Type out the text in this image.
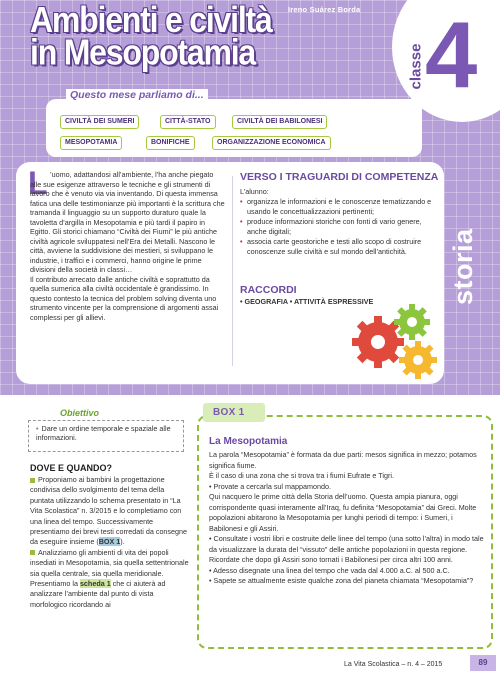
Ireno Suárez Borda
Ambienti e civiltà
in Mesopotamia	classe 4
storia
Questo mese parliamo di...
CIVILTÀ DEI SUMERI	CITTÀ-STATO	CIVILTÀ DEI BABILONESI
MESOPOTAMIA	BONIFICHE	ORGANIZZAZIONE ECONOMICA
L ’uomo, adattandosi all’ambiente, l’ha anche piegato alle sue esigenze attraverso le tecniche e gli strumenti di lavoro che è venuto via via inventando. Di questa immensa fatica una delle testimonianze più importanti è la scrittura che tramanda il linguaggio su un supporto duraturo quale la tavoletta d’argilla in Mesopotamia e più tardi il papiro in Egitto. Gli storici chiamano “Civiltà dei Fiumi” le più antiche civiltà agricole sviluppatesi nell’Era dei Metalli. Nascono le città, avviene la suddivisione dei mestieri, si sviluppano le industrie, i traffici e i commerci, hanno origine le prime divisioni della società in classi…

Il contributo arrecato dalle antiche civiltà e soprattutto da quella sumerica alla civiltà occidentale è grandissimo. In questo contesto la tecnica del problem solving diventa uno strumento vincente per la comprensione di argomenti assai complessi per gli allievi.

VERSO I TRAGUARDI DI COMPETENZA
L’alunno:
• organizza le informazioni e le conoscenze tematizzando e usando le concettualizzazioni pertinenti;
• produce informazioni storiche con fonti di vario genere, anche digitali;
• associa carte geostoriche e testi allo scopo di costruire conoscenze sulle civiltà e sul mondo dell’antichità.
RACCORDI
• GEOGRAFIA • ATTIVITÀ ESPRESSIVE
Obiettivo
• Dare un ordine temporale e spaziale alle informazioni.
DOVE E QUANDO?

Proponiamo ai bambini la progettazione condivisa dello svolgimento del tema della puntata utilizzando lo schema presentato in “La Vita Scolastica” n. 3/2015 e lo completiamo con una linea del tempo. Successivamente presentiamo dei brevi testi corredati da consegne da eseguire insieme (BOX 1).

Analizziamo gli ambienti di vita dei popoli insediati in Mesopotamia, sia quella settentrionale sia quella centrale, sia quella meridionale. Presentiamo la scheda 1 che ci aiuterà ad analizzare l’ambiente dal punto di vista morfologico ricordando ai

BOX 1
La Mesopotamia

La parola “Mesopotamia” è formata da due parti: mesos significa in mezzo; potamos significa fiume.

È il caso di una zona che si trova tra i fiumi Eufrate e Tigri.

• Provate a cercarla sul mappamondo.

Qui nacquero le prime città della Storia dell’uomo. Questa ampia pianura, oggi corrispondente quasi interamente all’Iraq, fu definita “Mesopotamia” dai Greci. Molte popolazioni abitarono la Mesopotamia per lunghi periodi di tempo: i Sumeri, i Babilonesi e gli Assiri.

• Consultate i vostri libri e costruite delle linee del tempo (una sotto l’altra) in modo tale da visualizzare la durata del “vissuto” delle antiche popolazioni in questa regione. Ricordate che dopo gli Assiri sono tornati i Babilonesi per circa altri 100 anni.

• Adesso disegnate una linea del tempo che vada dal 4.000 a.C. al 500 a.C.

• Sapete se attualmente esiste qualche zona del pianeta chiamata “Mesopotamia”?

La Vita Scolastica – n. 4 – 2015	89
